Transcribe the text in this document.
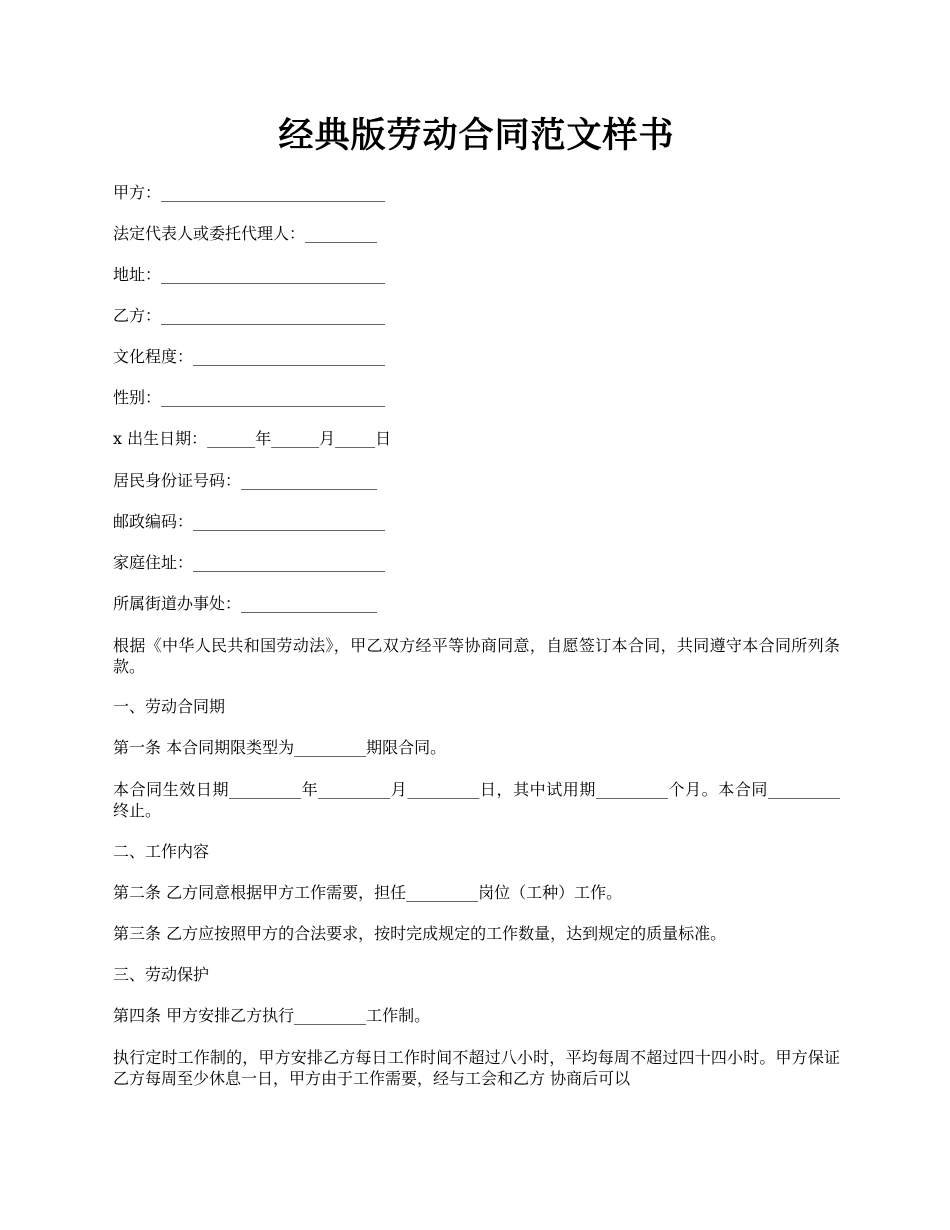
经典版劳动合同范文样书
甲方：____________________________
法定代表人或委托代理人：_________
地址：____________________________
乙方：____________________________
文化程度：________________________
性别：____________________________
x 出生日期：______年______月_____日
居民身份证号码：_________________
邮政编码：________________________
家庭住址：________________________
所属街道办事处：_________________
根据《中华人民共和国劳动法》，甲乙双方经平等协商同意，自愿签订本合同，共同遵守本合同所列条款。
一、劳动合同期
第一条 本合同期限类型为_________期限合同。
本合同生效日期_________年_________月_________日，其中试用期_________个月。本合同_________终止。
二、工作内容
第二条 乙方同意根据甲方工作需要，担任_________岗位（工种）工作。
第三条 乙方应按照甲方的合法要求，按时完成规定的工作数量，达到规定的质量标准。
三、劳动保护
第四条 甲方安排乙方执行_________工作制。
执行定时工作制的，甲方安排乙方每日工作时间不超过八小时，平均每周不超过四十四小时。甲方保证乙方每周至少休息一日，甲方由于工作需要，经与工会和乙方 协商后可以
